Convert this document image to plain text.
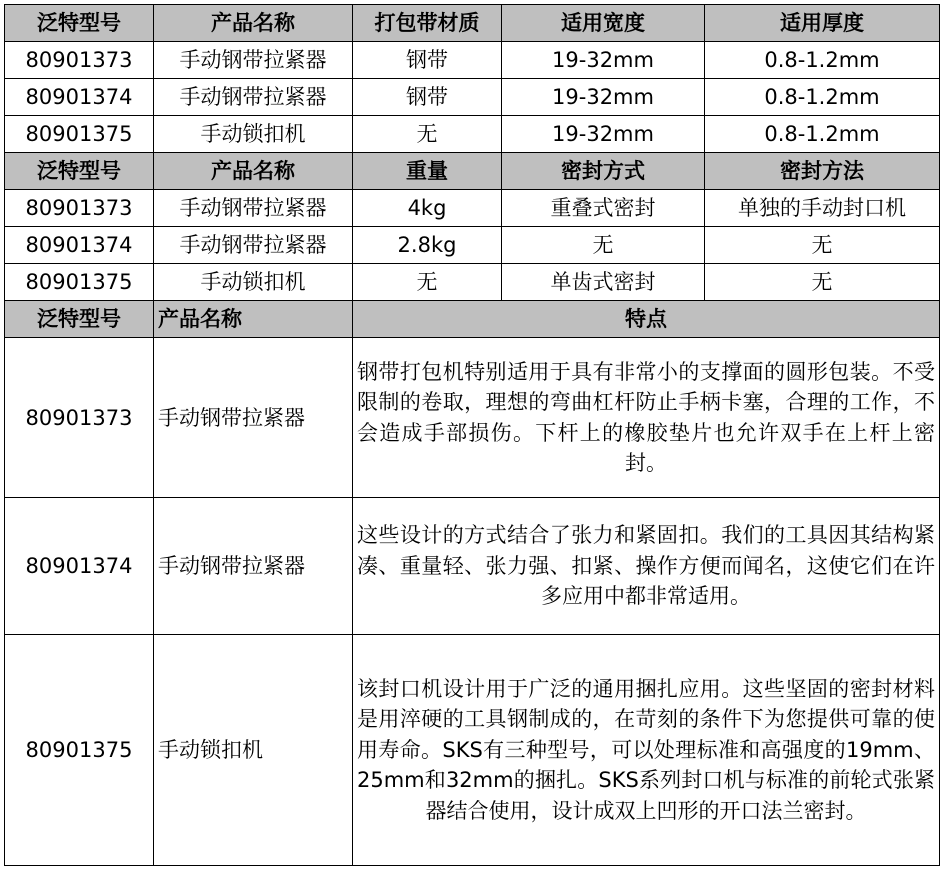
泛特型号	产品名称	打包带材质	适用宽度	适用厚度
80901373	手动钢带拉紧器	钢带	19-32mm	0.8-1.2mm
80901374	手动钢带拉紧器	钢带	19-32mm	0.8-1.2mm
80901375	手动锁扣机	无	19-32mm	0.8-1.2mm
泛特型号	产品名称	重量	密封方式	密封方法
80901373	手动钢带拉紧器	4kg	重叠式密封	单独的手动封口机
80901374	手动钢带拉紧器	2.8kg	无	无
80901375	手动锁扣机	无	单齿式密封	无
泛特型号	产品名称	特点		
80901373	手动钢带拉紧器	钢带打包机特别适用于具有非常小的支撑面的圆形包装。不受限制的卷取，理想的弯曲杠杆防止手柄卡塞，合理的工作，不会造成手部损伤。下杆上的橡胶垫片也允许双手在上杆上密封。		
80901374	手动钢带拉紧器	这些设计的方式结合了张力和紧固扣。我们的工具因其结构紧凑、重量轻、张力强、扣紧、操作方便而闻名，这使它们在许多应用中都非常适用。		
80901375	手动锁扣机	该封口机设计用于广泛的通用捆扎应用。这些坚固的密封材料是用淬硬的工具钢制成的，在苛刻的条件下为您提供可靠的使用寿命。SKS有三种型号，可以处理标准和高强度的19mm、25mm和32mm的捆扎。SKS系列封口机与标准的前轮式张紧器结合使用，设计成双上凹形的开口法兰密封。		
